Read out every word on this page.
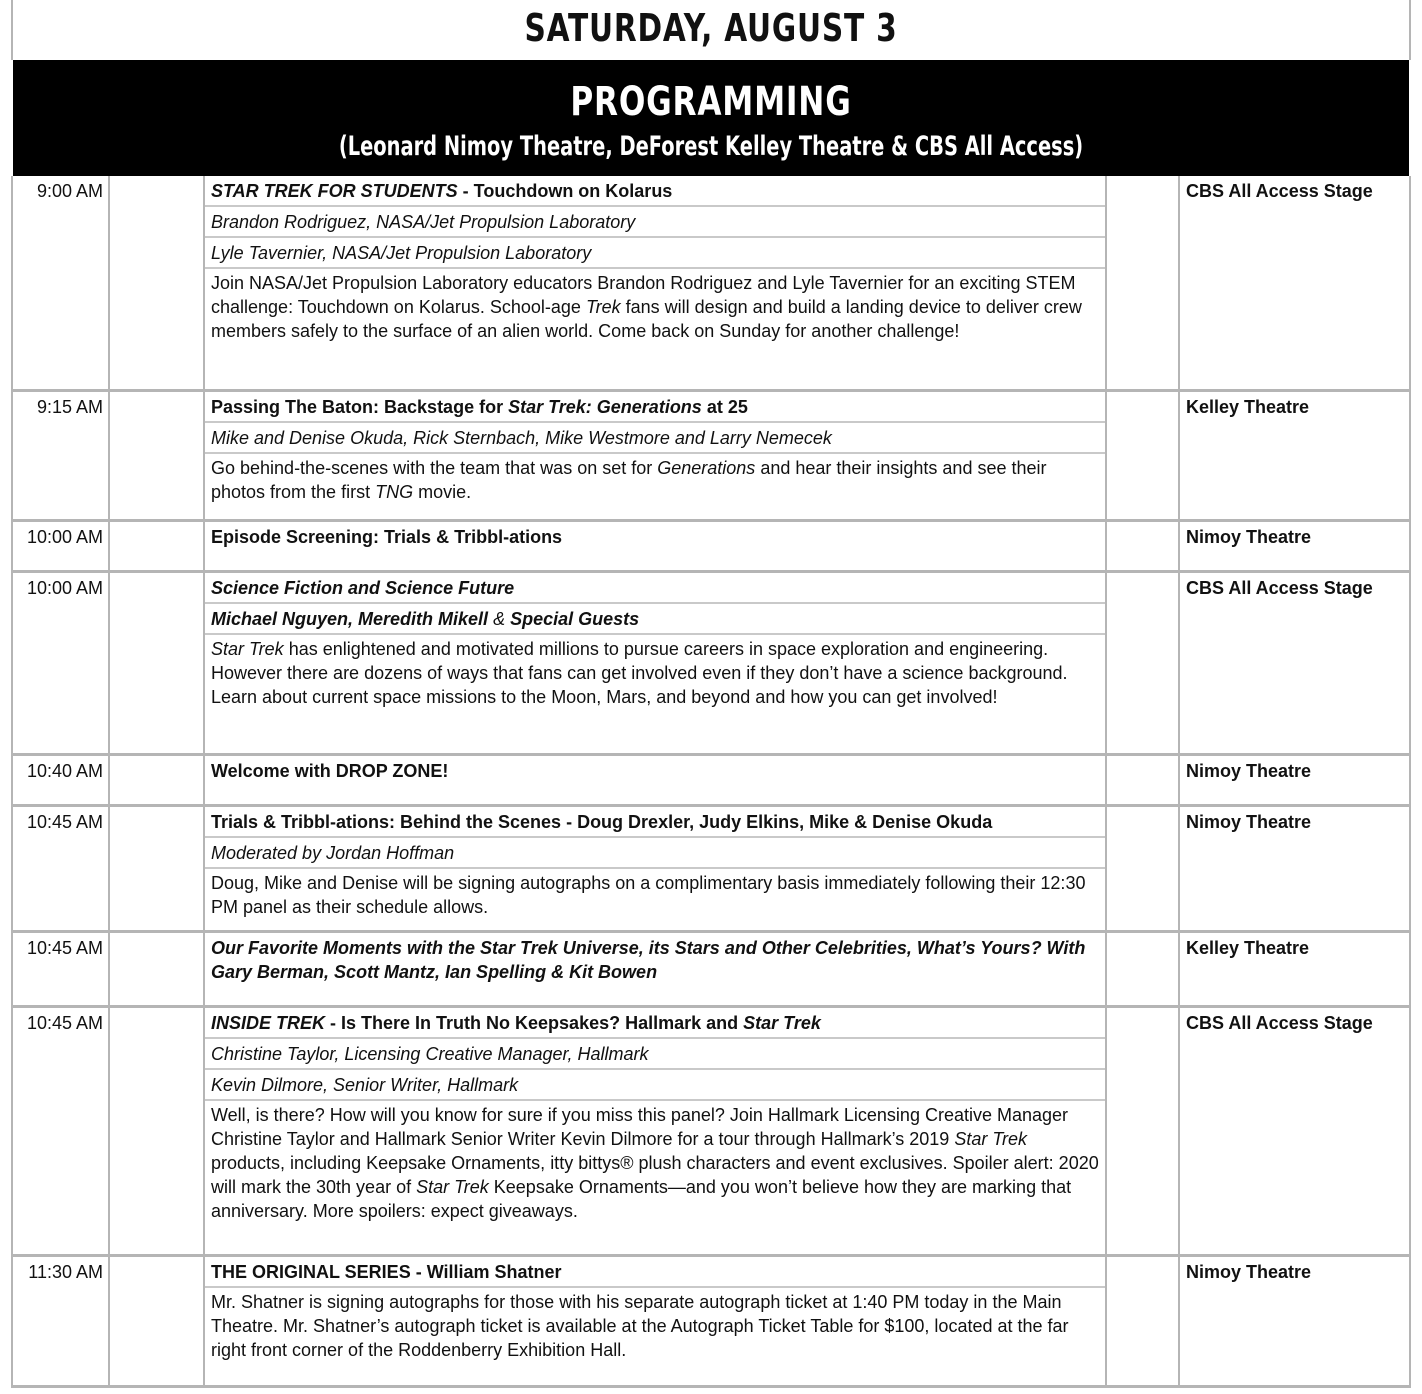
SATURDAY, AUGUST 3
PROGRAMMING
(Leonard Nimoy Theatre, DeForest Kelley Theatre & CBS All Access)
9:00 AM	STAR TREK FOR STUDENTS - Touchdown on Kolarus
Brandon Rodriguez, NASA/Jet Propulsion Laboratory
Lyle Tavernier, NASA/Jet Propulsion Laboratory
Join NASA/Jet Propulsion Laboratory educators Brandon Rodriguez and Lyle Tavernier for an exciting STEM challenge: Touchdown on Kolarus. School-age Trek fans will design and build a landing device to deliver crew members safely to the surface of an alien world. Come back on Sunday for another challenge!
CBS All Access Stage
9:15 AM	Passing The Baton: Backstage for Star Trek: Generations at 25
Mike and Denise Okuda, Rick Sternbach, Mike Westmore and Larry Nemecek
Go behind-the-scenes with the team that was on set for Generations and hear their insights and see their photos from the first TNG movie.
Kelley Theatre
10:00 AM	Episode Screening: Trials & Tribbl-ations	Nimoy Theatre
10:00 AM	Science Fiction and Science Future
Michael Nguyen, Meredith Mikell & Special Guests
Star Trek has enlightened and motivated millions to pursue careers in space exploration and engineering. However there are dozens of ways that fans can get involved even if they don’t have a science background. Learn about current space missions to the Moon, Mars, and beyond and how you can get involved!
CBS All Access Stage
10:40 AM	Welcome with DROP ZONE!	Nimoy Theatre
10:45 AM	Trials & Tribbl-ations: Behind the Scenes - Doug Drexler, Judy Elkins, Mike & Denise Okuda
Moderated by Jordan Hoffman
Doug, Mike and Denise will be signing autographs on a complimentary basis immediately following their 12:30 PM panel as their schedule allows.
Nimoy Theatre
10:45 AM	Our Favorite Moments with the Star Trek Universe, its Stars and Other Celebrities, What’s Yours? With Gary Berman, Scott Mantz, Ian Spelling & Kit Bowen
Kelley Theatre
10:45 AM	INSIDE TREK - Is There In Truth No Keepsakes? Hallmark and Star Trek
Christine Taylor, Licensing Creative Manager, Hallmark
Kevin Dilmore, Senior Writer, Hallmark
Well, is there? How will you know for sure if you miss this panel? Join Hallmark Licensing Creative Manager Christine Taylor and Hallmark Senior Writer Kevin Dilmore for a tour through Hallmark’s 2019 Star Trek products, including Keepsake Ornaments, itty bittys® plush characters and event exclusives. Spoiler alert: 2020 will mark the 30th year of Star Trek Keepsake Ornaments—and you won’t believe how they are marking that anniversary. More spoilers: expect giveaways.
CBS All Access Stage
11:30 AM	THE ORIGINAL SERIES - William Shatner
Mr. Shatner is signing autographs for those with his separate autograph ticket at 1:40 PM today in the Main Theatre. Mr. Shatner’s autograph ticket is available at the Autograph Ticket Table for $100, located at the far right front corner of the Roddenberry Exhibition Hall.
Nimoy Theatre
